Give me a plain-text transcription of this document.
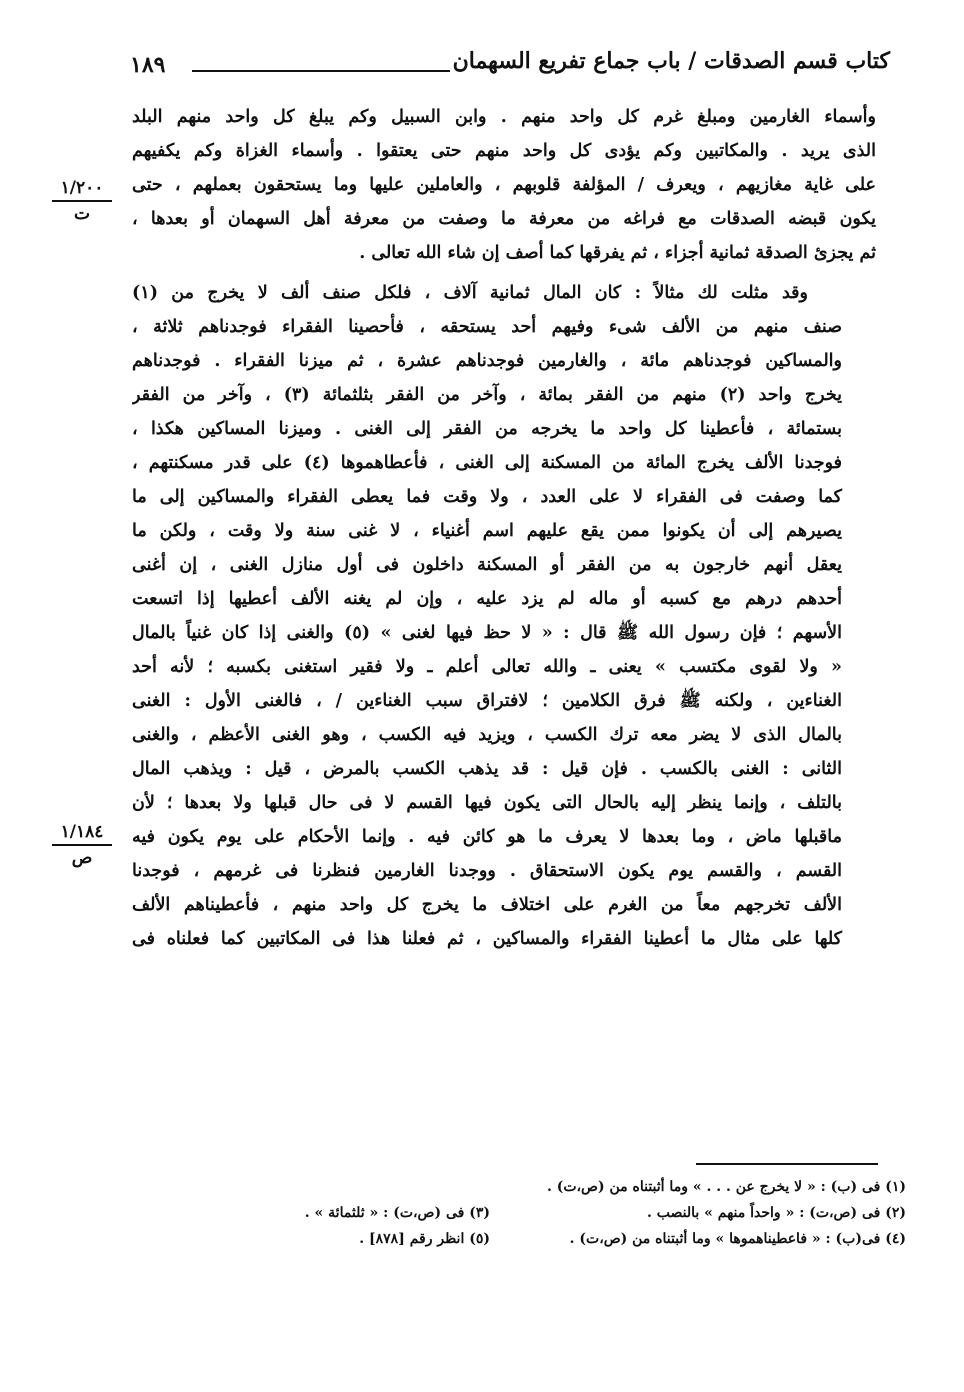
كتاب قسم الصدقات / باب جماع تفريع السهمان
١٨٩
١/٢٠٠
ت
١/١٨٤
ص
وأسماء الغارمين ومبلغ غرم كل واحد منهم . وابن السبيل وكم يبلغ كل واحد منهم البلد
الذى يريد . والمكاتبين وكم يؤدى كل واحد منهم حتى يعتقوا . وأسماء الغزاة وكم يكفيهم
على غاية مغازيهم ، ويعرف / المؤلفة قلوبهم ، والعاملين عليها وما يستحقون بعملهم ، حتى
يكون قبضه الصدقات مع فراغه من معرفة ما وصفت من معرفة أهل السهمان أو بعدها ،
ثم يجزئ الصدقة ثمانية أجزاء ، ثم يفرقها كما أصف إن شاء الله تعالى .
وقد مثلت لك مثالاً : كان المال ثمانية آلاف ، فلكل صنف ألف لا يخرج من (١)
صنف منهم من الألف شىء وفيهم أحد يستحقه ، فأحصينا الفقراء فوجدناهم ثلاثة ،
والمساكين فوجدناهم مائة ، والغارمين فوجدناهم عشرة ، ثم ميزنا الفقراء . فوجدناهم
يخرج واحد (٢) منهم من الفقر بمائة ، وآخر من الفقر بثلثمائة (٣) ، وآخر من الفقر
بستمائة ، فأعطينا كل واحد ما يخرجه من الفقر إلى الغنى . وميزنا المساكين هكذا ،
فوجدنا الألف يخرج المائة من المسكنة إلى الغنى ، فأعطاهموها (٤) على قدر مسكنتهم ،
كما وصفت فى الفقراء لا على العدد ، ولا وقت فما يعطى الفقراء والمساكين إلى ما
يصيرهم إلى أن يكونوا ممن يقع عليهم اسم أغنياء ، لا غنى سنة ولا وقت ، ولكن ما
يعقل أنهم خارجون به من الفقر أو المسكنة داخلون فى أول منازل الغنى ، إن أغنى
أحدهم درهم مع كسبه أو ماله لم يزد عليه ، وإن لم يغنه الألف أعطيها إذا اتسعت
الأسهم ؛ فإن رسول الله ﷺ قال : « لا حظ فيها لغنى » (٥) والغنى إذا كان غنياً بالمال
« ولا لقوى مكتسب » يعنى ـ والله تعالى أعلم ـ ولا فقير استغنى بكسبه ؛ لأنه أحد
الغناءين ، ولكنه ﷺ فرق الكلامين ؛ لافتراق سبب الغناءين / ، فالغنى الأول : الغنى
بالمال الذى لا يضر معه ترك الكسب ، ويزيد فيه الكسب ، وهو الغنى الأعظم ، والغنى
الثانى : الغنى بالكسب . فإن قيل : قد يذهب الكسب بالمرض ، قيل : ويذهب المال
بالتلف ، وإنما ينظر إليه بالحال التى يكون فيها القسم لا فى حال قبلها ولا بعدها ؛ لأن
ماقبلها ماض ، وما بعدها لا يعرف ما هو كائن فيه . وإنما الأحكام على يوم يكون فيه
القسم ، والقسم يوم يكون الاستحقاق . ووجدنا الغارمين فنظرنا فى غرمهم ، فوجدنا
الألف تخرجهم معاً من الغرم على اختلاف ما يخرج كل واحد منهم ، فأعطيناهم الألف
كلها على مثال ما أعطينا الفقراء والمساكين ، ثم فعلنا هذا فى المكاتبين كما فعلناه فى
(١) فى (ب) : « لا يخرج عن . . . » وما أثبتناه من (ص،ت) .
(٢) فى (ص،ت) : « واحداً منهم » بالنصب .
(٣) فى (ص،ت) : « ثلثمائة » .
(٤) فى(ب) : « فاعطيناهموها » وما أثبتناه من (ص،ت) .
(٥) انظر رقم [٨٧٨] .
